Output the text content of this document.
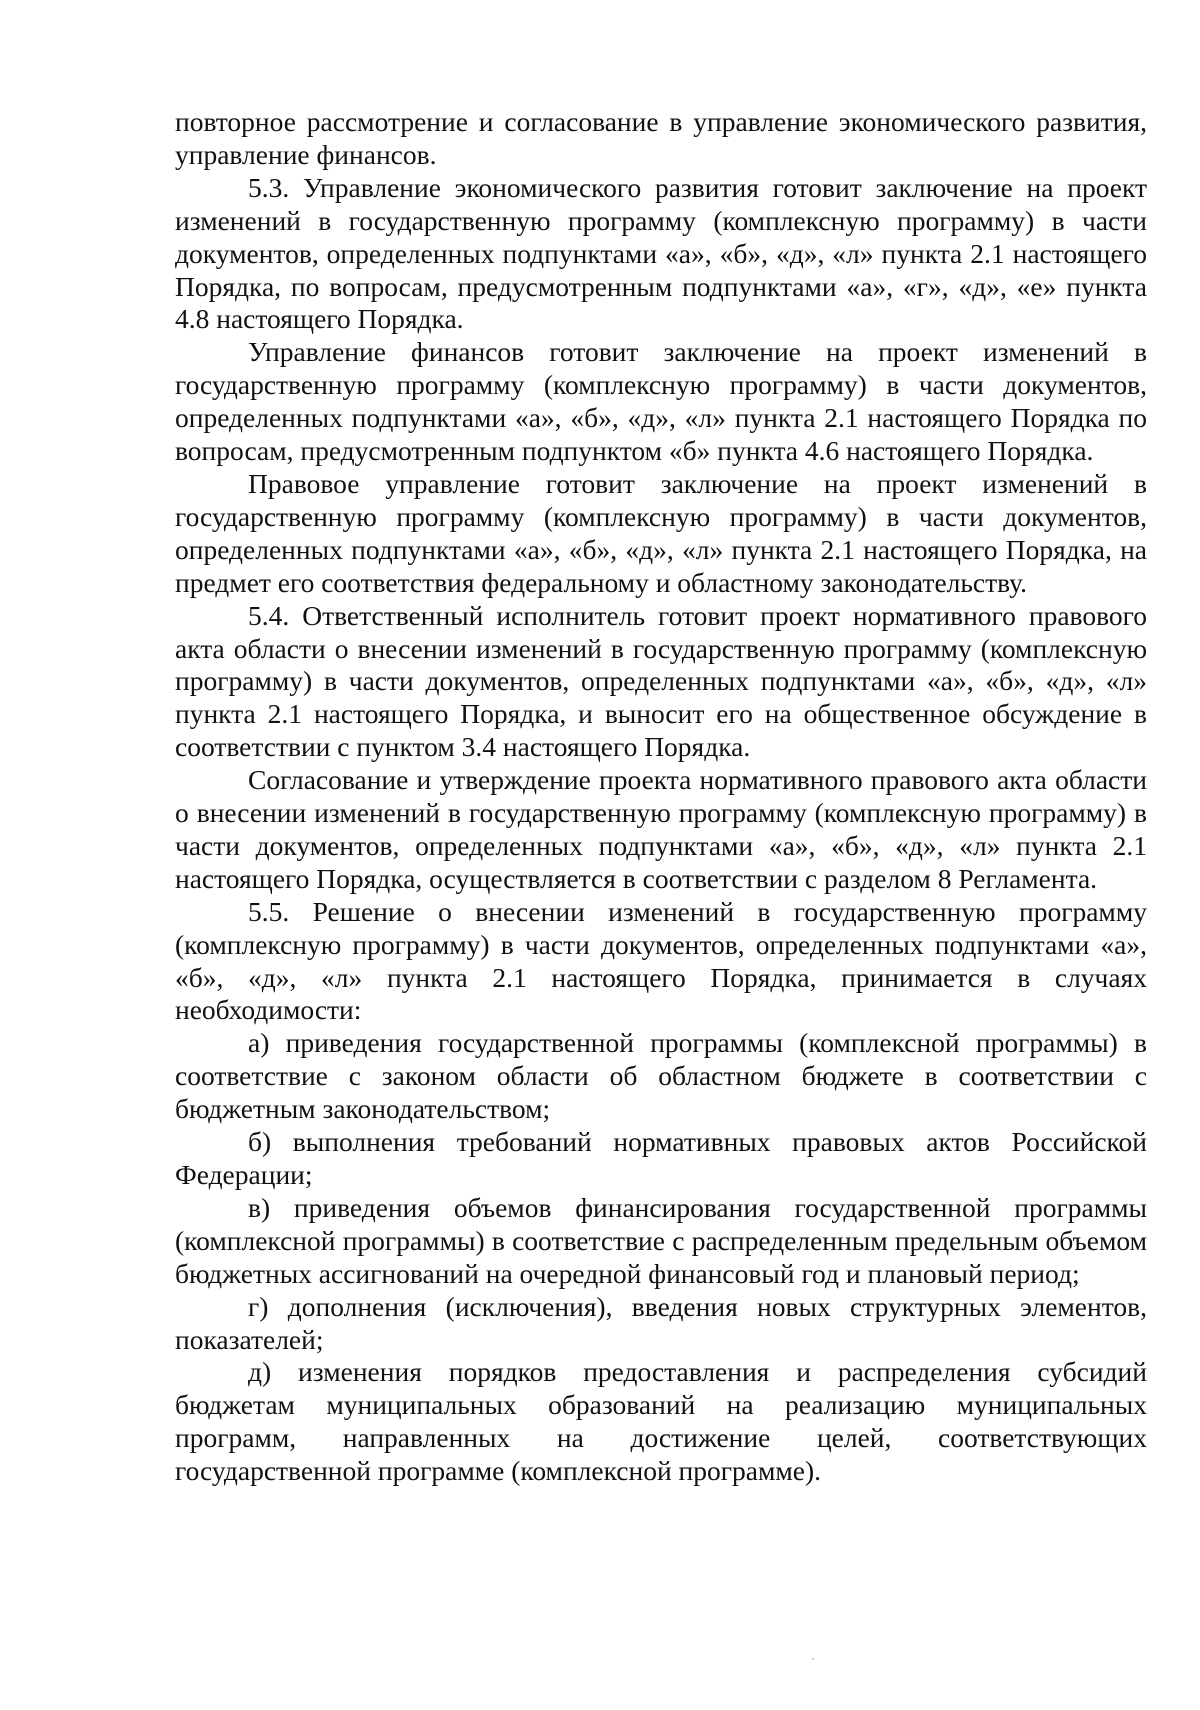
повторное рассмотрение и согласование в управление экономического развития, управление финансов.

5.3. Управление экономического развития готовит заключение на проект изменений в государственную программу (комплексную программу) в части документов, определенных подпунктами «а», «б», «д», «л» пункта 2.1 настоящего Порядка, по вопросам, предусмотренным подпунктами «а», «г», «д», «е» пункта 4.8 настоящего Порядка.

Управление финансов готовит заключение на проект изменений в государственную программу (комплексную программу) в части документов, определенных подпунктами «а», «б», «д», «л» пункта 2.1 настоящего Порядка по вопросам, предусмотренным подпунктом «б» пункта 4.6 настоящего Порядка.

Правовое управление готовит заключение на проект изменений в государственную программу (комплексную программу) в части документов, определенных подпунктами «а», «б», «д», «л» пункта 2.1 настоящего Порядка, на предмет его соответствия федеральному и областному законодательству.

5.4. Ответственный исполнитель готовит проект нормативного правового акта области о внесении изменений в государственную программу (комплексную программу) в части документов, определенных подпунктами «а», «б», «д», «л» пункта 2.1 настоящего Порядка, и выносит его на общественное обсуждение в соответствии с пунктом 3.4 настоящего Порядка.

Согласование и утверждение проекта нормативного правового акта области о внесении изменений в государственную программу (комплексную программу) в части документов, определенных подпунктами «а», «б», «д», «л» пункта 2.1 настоящего Порядка, осуществляется в соответствии с разделом 8 Регламента.

5.5. Решение о внесении изменений в государственную программу (комплексную программу) в части документов, определенных подпунктами «а», «б», «д», «л» пункта 2.1 настоящего Порядка, принимается в случаях необходимости:

а) приведения государственной программы (комплексной программы) в соответствие с законом области об областном бюджете в соответствии с бюджетным законодательством;

б) выполнения требований нормативных правовых актов Российской Федерации;

в) приведения объемов финансирования государственной программы (комплексной программы) в соответствие с распределенным предельным объемом бюджетных ассигнований на очередной финансовый год и плановый период;

г) дополнения (исключения), введения новых структурных элементов, показателей;

д) изменения порядков предоставления и распределения субсидий бюджетам муниципальных образований на реализацию муниципальных программ, направленных на достижение целей, соответствующих государственной программе (комплексной программе).
